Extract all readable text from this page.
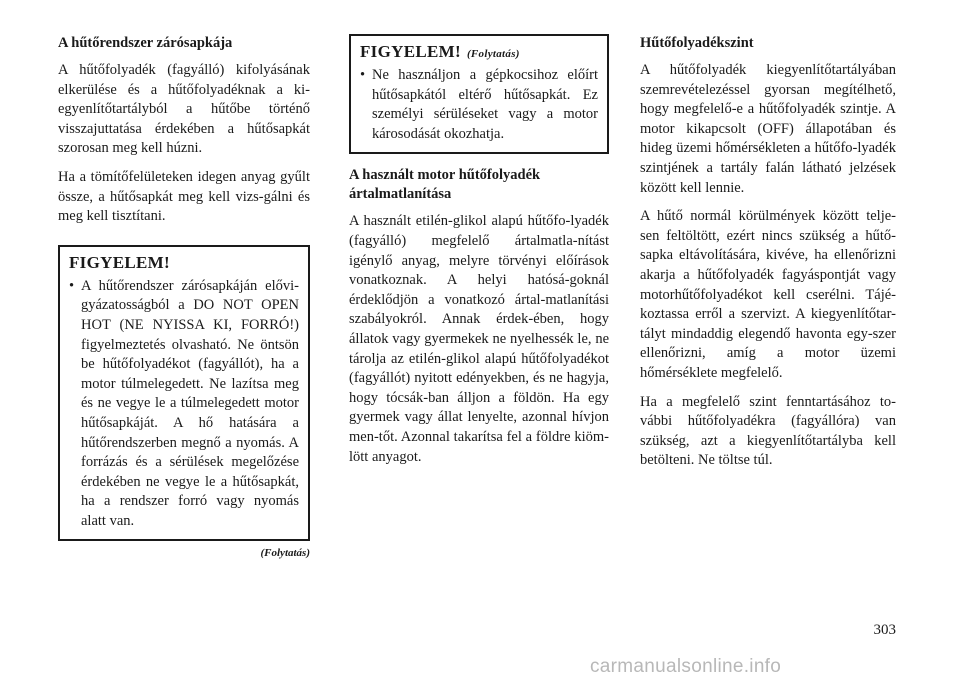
A hűtőrendszer zárósapkája

A hűtőfolyadék (fagyálló) kifolyásának elkerülése és a hűtőfolyadéknak a ki-egyenlítőtartályból a hűtőbe történő visszajuttatása érdekében a hűtősapkát szorosan meg kell húzni.

Ha a tömítőfelületeken idegen anyag gyűlt össze, a hűtősapkát meg kell vizs-gálni és meg kell tisztítani.

FIGYELEM!
• A hűtőrendszer zárósapkáján elővi-gyázatosságból a DO NOT OPEN HOT (NE NYISSA KI, FORRÓ!) figyelmeztetés olvasható. Ne öntsön be hűtőfolyadékot (fagyállót), ha a motor túlmelegedett. Ne lazítsa meg és ne vegye le a túlmelegedett motor hűtősapkáját. A hő hatására a hűtőrendszerben megnő a nyomás. A forrázás és a sérülések megelőzése érdekében ne vegye le a hűtősapkát, ha a rendszer forró vagy nyomás alatt van.
(Folytatás)
FIGYELEM! (Folytatás)
• Ne használjon a gépkocsihoz előírt hűtősapkától eltérő hűtősapkát. Ez személyi sérüléseket vagy a motor károsodását okozhatja.
A használt motor hűtőfolyadék ártalmatlanítása

A használt etilén-glikol alapú hűtőfo-lyadék (fagyálló) megfelelő ártalmatla-nítást igénylő anyag, melyre törvényi előírások vonatkoznak. A helyi hatósá-goknál érdeklődjön a vonatkozó ártal-matlanítási szabályokról. Annak érdek-ében, hogy állatok vagy gyermekek ne nyelhessék le, ne tárolja az etilén-glikol alapú hűtőfolyadékot (fagyállót) nyitott edényekben, és ne hagyja, hogy tócsák-ban álljon a földön. Ha egy gyermek vagy állat lenyelte, azonnal hívjon men-tőt. Azonnal takarítsa fel a földre kiöm-lött anyagot.

Hűtőfolyadékszint

A hűtőfolyadék kiegyenlítőtartályában szemrevételezéssel gyorsan megítélhető, hogy megfelelő-e a hűtőfolyadék szintje. A motor kikapcsolt (OFF) állapotában és hideg üzemi hőmérsékleten a hűtőfo-lyadék szintjének a tartály falán látható jelzések között kell lennie.

A hűtő normál körülmények között telje-sen feltöltött, ezért nincs szükség a hűtő-sapka eltávolítására, kivéve, ha ellenőrizni akarja a hűtőfolyadék fagyáspontját vagy motorhűtőfolyadékot kell cserélni. Tájé-koztassa erről a szervizt. A kiegyenlítőtar-tályt mindaddig elegendő havonta egy-szer ellenőrizni, amíg a motor üzemi hőmérséklete megfelelő.

Ha a megfelelő szint fenntartásához to-vábbi hűtőfolyadékra (fagyállóra) van szükség, azt a kiegyenlítőtartályba kell betölteni. Ne töltse túl.

303
carmanualsonline.info
